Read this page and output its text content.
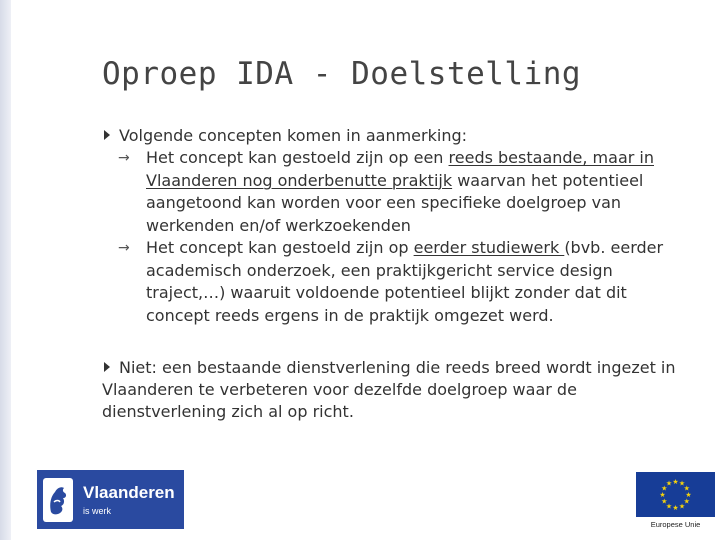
Oproep IDA - Doelstelling

Volgende concepten komen in aanmerking:

→ Het concept kan gestoeld zijn op een reeds bestaande, maar in Vlaanderen nog onderbenutte praktijk waarvan het potentieel aangetoond kan worden voor een specifieke doelgroep van werkenden en/of werkzoekenden

→ Het concept kan gestoeld zijn op eerder studiewerk (bvb. eerder academisch onderzoek, een praktijkgericht service design traject,…) waaruit voldoende potentieel blijkt zonder dat dit concept reeds ergens in de praktijk omgezet werd.

Niet: een bestaande dienstverlening die reeds breed wordt ingezet in Vlaanderen te verbeteren voor dezelfde doelgroep waar de dienstverlening zich al op richt.

Vlaanderen
is werk
★ ★
★
★
★
★
★
★
★
★
★
★
Europese Unie
